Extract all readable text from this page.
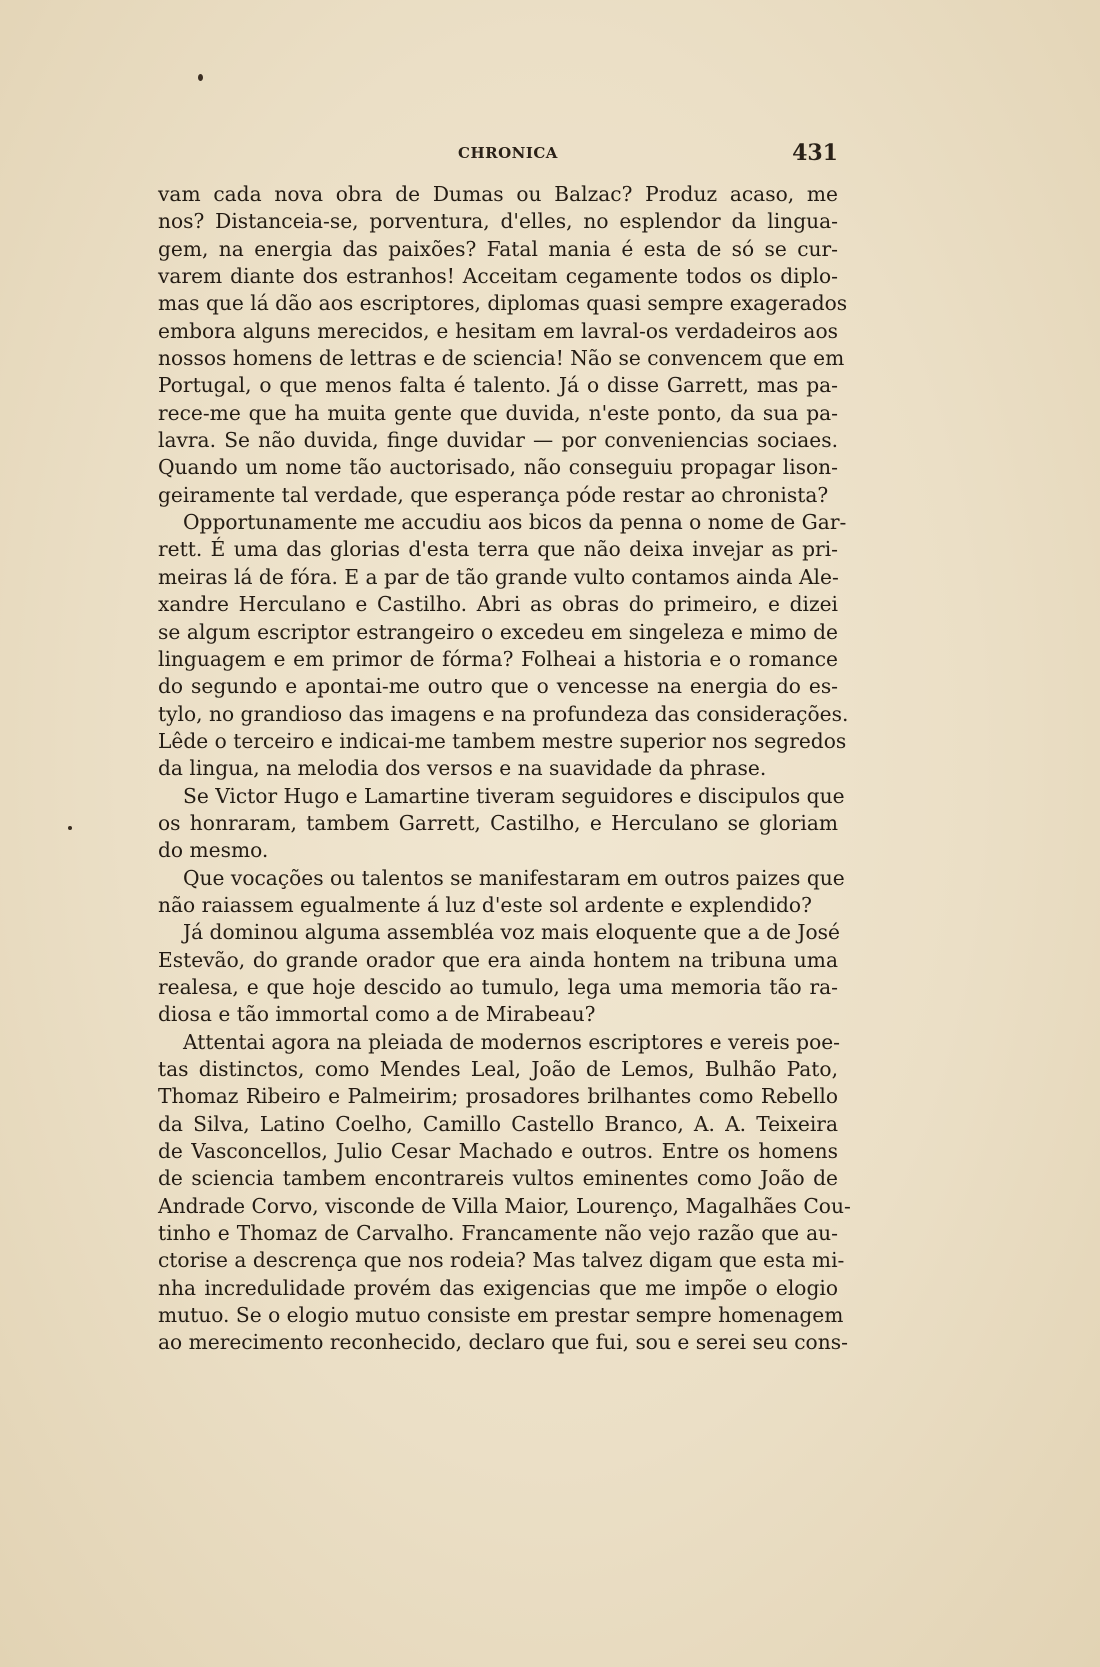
CHRONICA	431
vam cada nova obra de Dumas ou Balzac? Produz acaso, me
nos? Distanceia-se, porventura, d'elles, no esplendor da lingua-
gem, na energia das paixões? Fatal mania é esta de só se cur-
varem diante dos estranhos! Acceitam cegamente todos os diplo-
mas que lá dão aos escriptores, diplomas quasi sempre exagerados
embora alguns merecidos, e hesitam em lavral-os verdadeiros aos
nossos homens de lettras e de sciencia! Não se convencem que em
Portugal, o que menos falta é talento. Já o disse Garrett, mas pa-
rece-me que ha muita gente que duvida, n'este ponto, da sua pa-
lavra. Se não duvida, finge duvidar — por conveniencias sociaes.
Quando um nome tão auctorisado, não conseguiu propagar lison-
geiramente tal verdade, que esperança póde restar ao chronista?
Opportunamente me accudiu aos bicos da penna o nome de Gar-
rett. É uma das glorias d'esta terra que não deixa invejar as pri-
meiras lá de fóra. E a par de tão grande vulto contamos ainda Ale-
xandre Herculano e Castilho. Abri as obras do primeiro, e dizei
se algum escriptor estrangeiro o excedeu em singeleza e mimo de
linguagem e em primor de fórma? Folheai a historia e o romance
do segundo e apontai-me outro que o vencesse na energia do es-
tylo, no grandioso das imagens e na profundeza das considerações.
Lêde o terceiro e indicai-me tambem mestre superior nos segredos
da lingua, na melodia dos versos e na suavidade da phrase.
Se Victor Hugo e Lamartine tiveram seguidores e discipulos que
os honraram, tambem Garrett, Castilho, e Herculano se gloriam
do mesmo.
Que vocações ou talentos se manifestaram em outros paizes que
não raiassem egualmente á luz d'este sol ardente e explendido?
Já dominou alguma assembléa voz mais eloquente que a de José
Estevão, do grande orador que era ainda hontem na tribuna uma
realesa, e que hoje descido ao tumulo, lega uma memoria tão ra-
diosa e tão immortal como a de Mirabeau?
Attentai agora na pleiada de modernos escriptores e vereis poe-
tas distinctos, como Mendes Leal, João de Lemos, Bulhão Pato,
Thomaz Ribeiro e Palmeirim; prosadores brilhantes como Rebello
da Silva, Latino Coelho, Camillo Castello Branco, A. A. Teixeira
de Vasconcellos, Julio Cesar Machado e outros. Entre os homens
de sciencia tambem encontrareis vultos eminentes como João de
Andrade Corvo, visconde de Villa Maior, Lourenço, Magalhães Cou-
tinho e Thomaz de Carvalho. Francamente não vejo razão que au-
ctorise a descrença que nos rodeia? Mas talvez digam que esta mi-
nha incredulidade provém das exigencias que me impõe o elogio
mutuo. Se o elogio mutuo consiste em prestar sempre homenagem
ao merecimento reconhecido, declaro que fui, sou e serei seu cons-
